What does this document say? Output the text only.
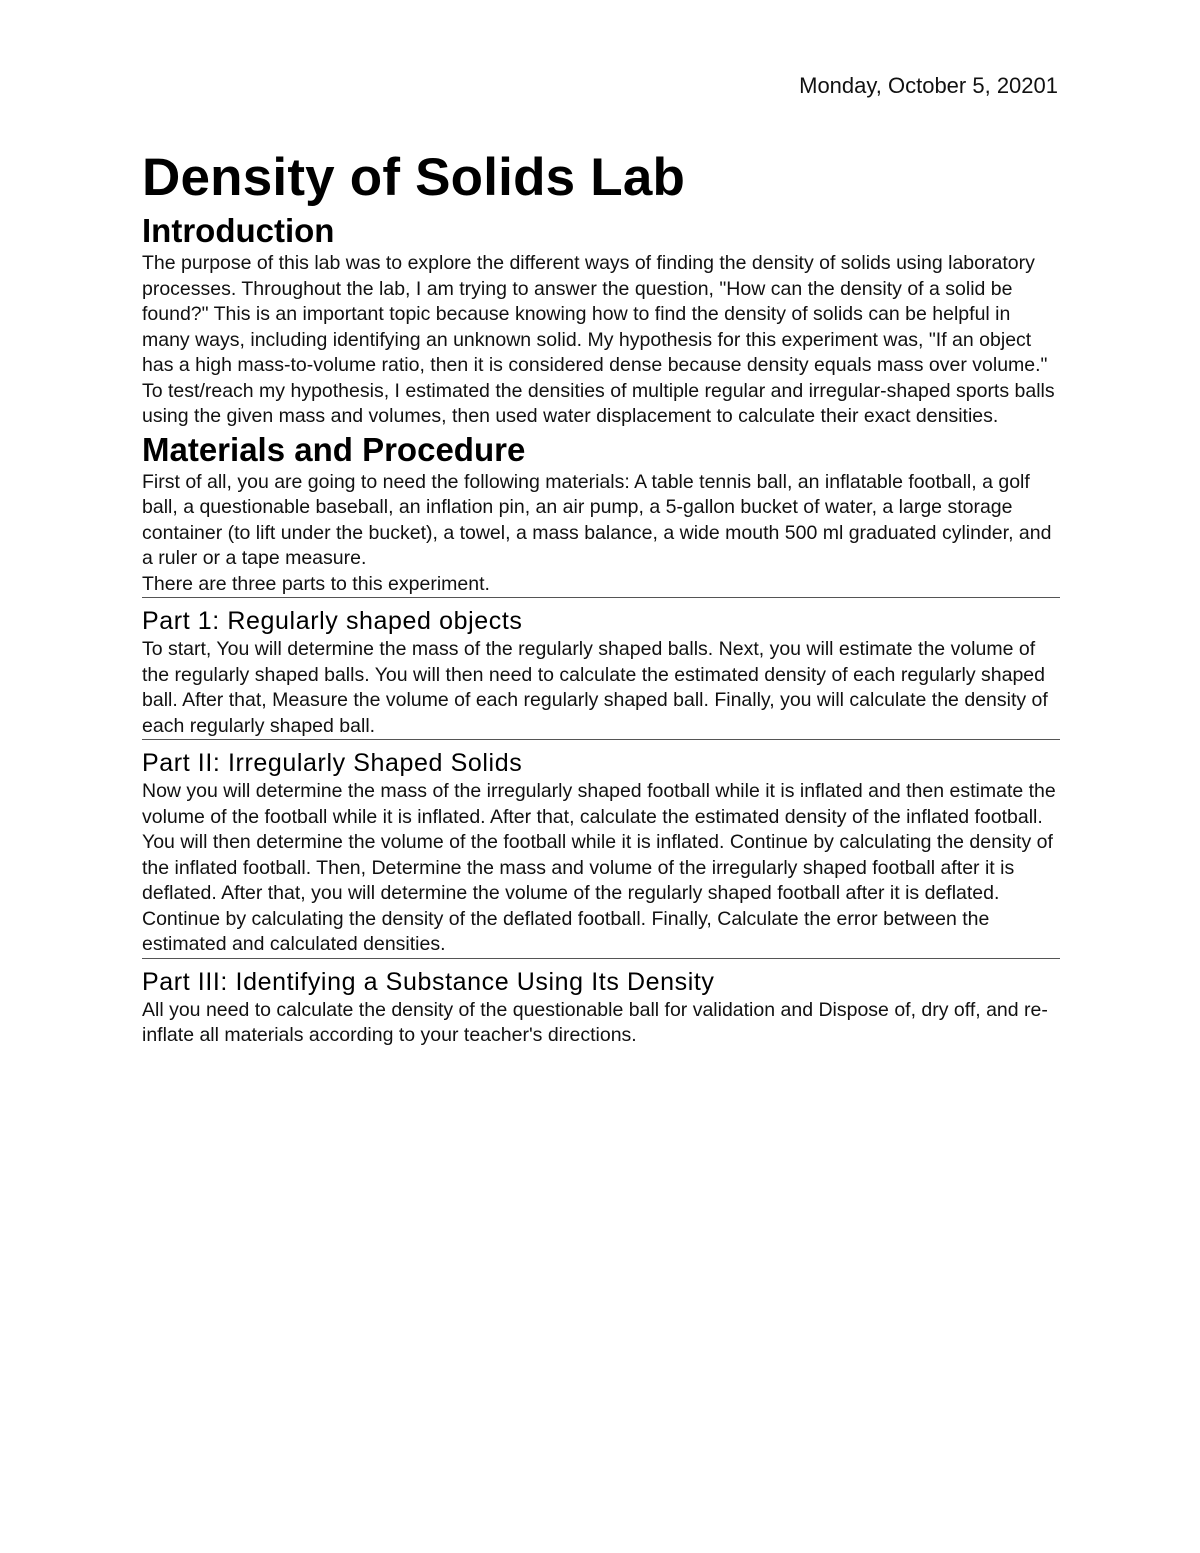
Monday, October 5, 20201
Density of Solids Lab
Introduction

The purpose of this lab was to explore the different ways of finding the density of solids using laboratory processes. Throughout the lab, I am trying to answer the question, "How can the density of a solid be found?" This is an important topic because knowing how to find the density of solids can be helpful in many ways, including identifying an unknown solid. My hypothesis for this experiment was, "If an object has a high mass-to-volume ratio, then it is considered dense because density equals mass over volume." To test/reach my hypothesis, I estimated the densities of multiple regular and irregular-shaped sports balls using the given mass and volumes, then used water displacement to calculate their exact densities.

Materials and Procedure

First of all, you are going to need the following materials: A table tennis ball, an inflatable football, a golf ball, a questionable baseball, an inflation pin, an air pump, a 5-gallon bucket of water, a large storage container (to lift under the bucket), a towel, a mass balance, a wide mouth 500 ml graduated cylinder, and a ruler or a tape measure.

There are three parts to this experiment.

Part 1: Regularly shaped objects

To start, You will determine the mass of the regularly shaped balls. Next, you will estimate the volume of the regularly shaped balls. You will then need to calculate the estimated density of each regularly shaped ball. After that, Measure the volume of each regularly shaped ball. Finally, you will calculate the density of each regularly shaped ball.

Part II: Irregularly Shaped Solids

Now you will determine the mass of the irregularly shaped football while it is inflated and then estimate the volume of the football while it is inflated. After that, calculate the estimated density of the inflated football. You will then determine the volume of the football while it is inflated. Continue by calculating the density of the inflated football. Then, Determine the mass and volume of the irregularly shaped football after it is deflated. After that, you will determine the volume of the regularly shaped football after it is deflated. Continue by calculating the density of the deflated football. Finally, Calculate the error between the estimated and calculated densities.

Part III: Identifying a Substance Using Its Density

All you need to calculate the density of the questionable ball for validation and Dispose of, dry off, and re-inflate all materials according to your teacher's directions.
